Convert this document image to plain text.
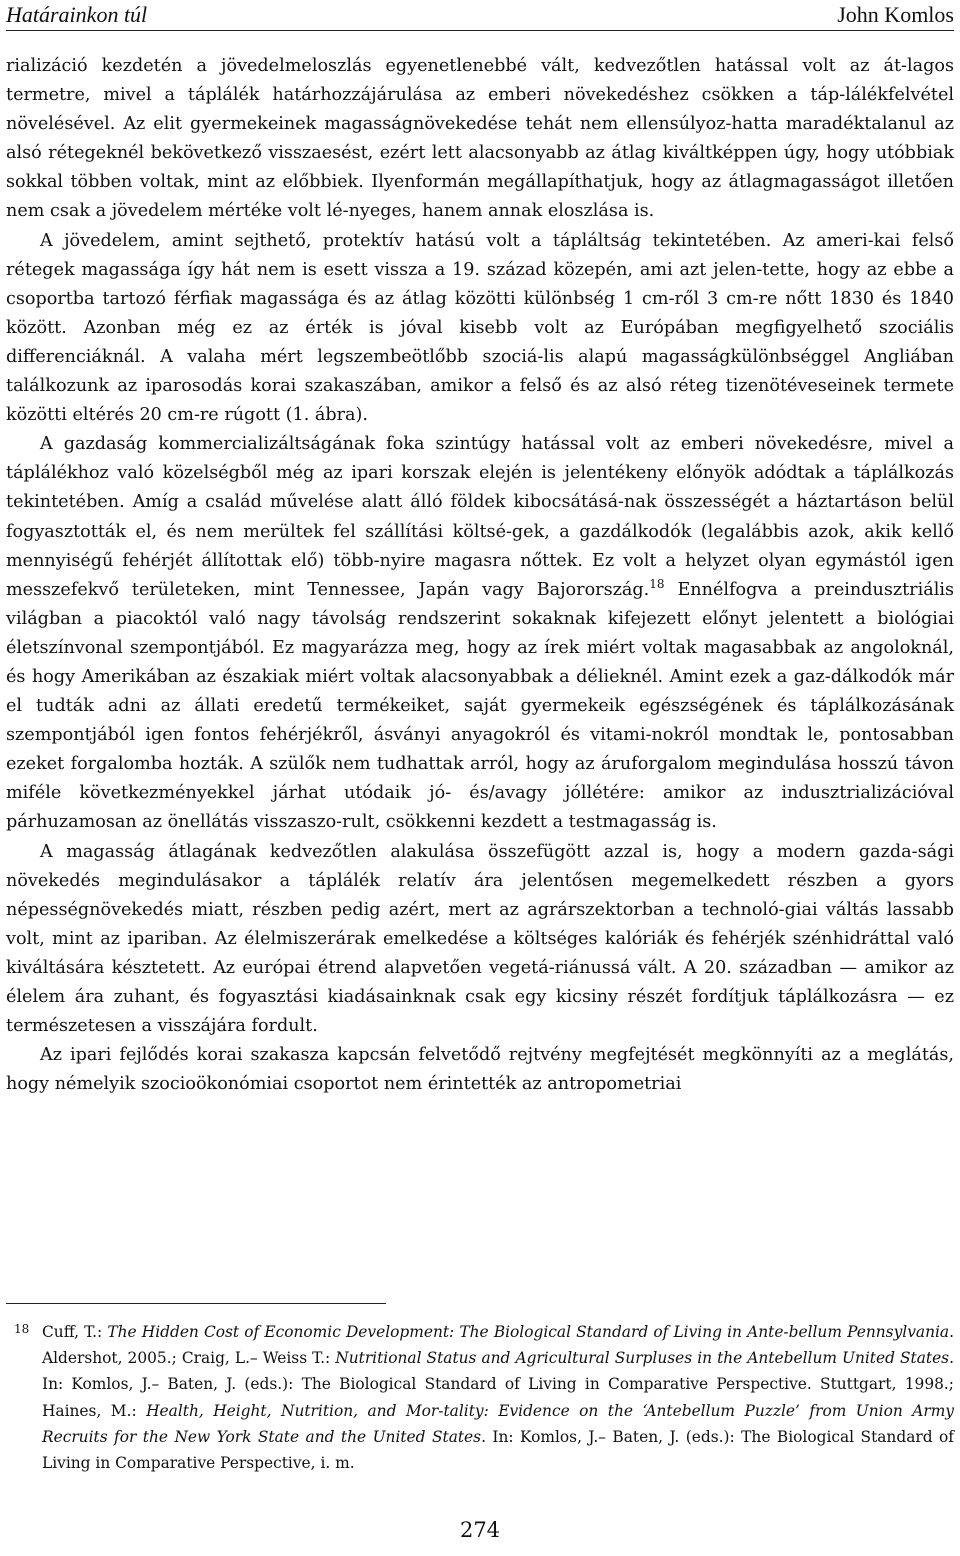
Határainkon túl	John Komlos

rializáció kezdetén a jövedelmeloszlás egyenetlenebbé vált, kedvezőtlen hatással volt az át-lagos termetre, mivel a táplálék határhozzájárulása az emberi növekedéshez csökken a táp-lálékfelvétel növelésével. Az elit gyermekeinek magasságnövekedése tehát nem ellensúlyoz-hatta maradéktalanul az alsó rétegeknél bekövetkező visszaesést, ezért lett alacsonyabb az átlag kiváltképpen úgy, hogy utóbbiak sokkal többen voltak, mint az előbbiek. Ilyenformán megállapíthatjuk, hogy az átlagmagasságot illetően nem csak a jövedelem mértéke volt lé-nyeges, hanem annak eloszlása is.

A jövedelem, amint sejthető, protektív hatású volt a tápláltság tekintetében. Az ameri-kai felső rétegek magassága így hát nem is esett vissza a 19. század közepén, ami azt jelen-tette, hogy az ebbe a csoportba tartozó férfiak magassága és az átlag közötti különbség 1 cm-ről 3 cm-re nőtt 1830 és 1840 között. Azonban még ez az érték is jóval kisebb volt az Európában megfigyelhető szociális differenciáknál. A valaha mért legszembeötlőbb szociá-lis alapú magasságkülönbséggel Angliában találkozunk az iparosodás korai szakaszában, amikor a felső és az alsó réteg tizenötéveseinek termete közötti eltérés 20 cm-re rúgott (1. ábra).

A gazdaság kommercializáltságának foka szintúgy hatással volt az emberi növekedésre, mivel a táplálékhoz való közelségből még az ipari korszak elején is jelentékeny előnyök adódtak a táplálkozás tekintetében. Amíg a család művelése alatt álló földek kibocsátásá-nak összességét a háztartáson belül fogyasztották el, és nem merültek fel szállítási költsé-gek, a gazdálkodók (legalábbis azok, akik kellő mennyiségű fehérjét állítottak elő) több-nyire magasra nőttek. Ez volt a helyzet olyan egymástól igen messzefekvő területeken, mint Tennessee, Japán vagy Bajorország.$^{18}$ Ennélfogva a preindusztriális világban a piacoktól való nagy távolság rendszerint sokaknak kifejezett előnyt jelentett a biológiai életszínvonal szempontjából. Ez magyarázza meg, hogy az írek miért voltak magasabbak az angoloknál, és hogy Amerikában az északiak miért voltak alacsonyabbak a délieknél. Amint ezek a gaz-dálkodók már el tudták adni az állati eredetű termékeiket, saját gyermekeik egészségének és táplálkozásának szempontjából igen fontos fehérjékről, ásványi anyagokról és vitami-nokról mondtak le, pontosabban ezeket forgalomba hozták. A szülők nem tudhattak arról, hogy az áruforgalom megindulása hosszú távon miféle következményekkel járhat utódaik jó- és/avagy jóllétére: amikor az indusztrializációval párhuzamosan az önellátás visszaszo-rult, csökkenni kezdett a testmagasság is.

A magasság átlagának kedvezőtlen alakulása összefügött azzal is, hogy a modern gazda-sági növekedés megindulásakor a táplálék relatív ára jelentősen megemelkedett részben a gyors népességnövekedés miatt, részben pedig azért, mert az agrárszektorban a technoló-giai váltás lassabb volt, mint az ipariban. Az élelmiszerárak emelkedése a költséges kalóriák és fehérjék szénhidráttal való kiváltására késztetett. Az európai étrend alapvetően vegetá-riánussá vált. A 20. században — amikor az élelem ára zuhant, és fogyasztási kiadásainknak csak egy kicsiny részét fordítjuk táplálkozásra — ez természetesen a visszájára fordult.

Az ipari fejlődés korai szakasza kapcsán felvetődő rejtvény megfejtését megkönnyíti az a meglátás, hogy némelyik szocioökonómiai csoportot nem érintették az antropometriai

18 Cuff, T.: The Hidden Cost of Economic Development: The Biological Standard of Living in Ante-bellum Pennsylvania. Aldershot, 2005.; Craig, L.– Weiss T.: Nutritional Status and Agricultural Surpluses in the Antebellum United States. In: Komlos, J.– Baten, J. (eds.): The Biological Standard of Living in Comparative Perspective. Stuttgart, 1998.; Haines, M.: Health, Height, Nutrition, and Mor-tality: Evidence on the ‘Antebellum Puzzle’ from Union Army Recruits for the New York State and the United States. In: Komlos, J.– Baten, J. (eds.): The Biological Standard of Living in Comparative Perspective, i. m.
274
